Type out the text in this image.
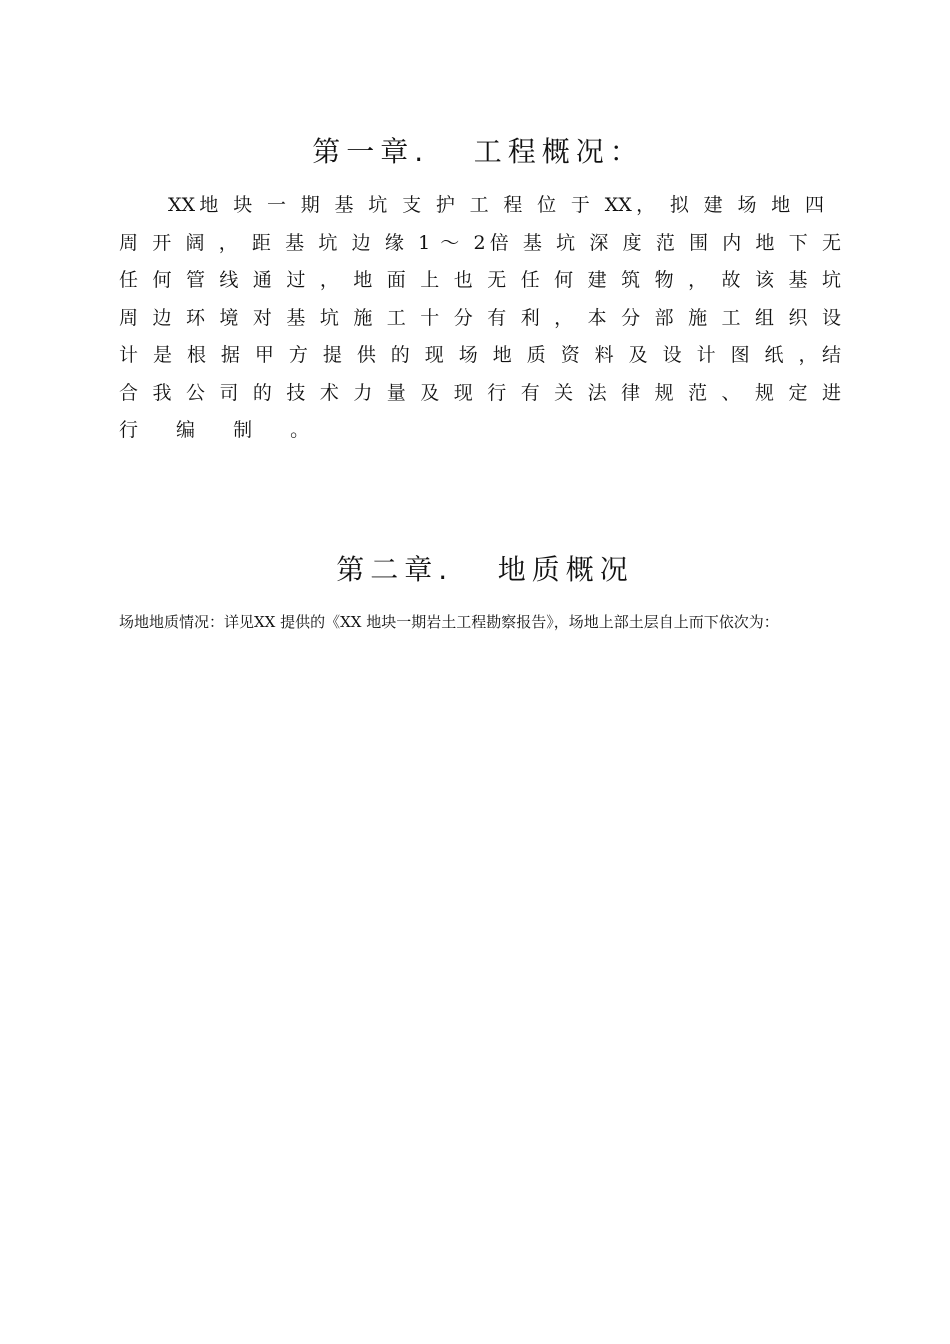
第一章.   工程概况：
XX地 块 一 期 基 坑 支 护 工 程 位 于 XX， 拟 建 场 地 四
周 开 阔 ， 距 基 坑 边 缘 1 ～ 2倍 基 坑 深 度 范 围 内 地 下 无
任 何 管 线 通 过 ， 地 面 上 也 无 任 何 建 筑 物 ， 故 该 基 坑
周 边 环 境 对 基 坑 施 工 十 分 有 利 ， 本 分 部 施 工 组 织 设
计 是 根 据 甲 方 提 供 的 现 场 地 质 资 料 及 设 计 图 纸 ，结
合 我 公 司 的 技 术 力 量 及 现 行 有 关 法 律 规 范 、 规 定 进
行 编 制 。
第二章.   地质概况

场地地质情况：详见XX 提供的《XX 地块一期岩土工程勘察报告》，场地上部土层自上而下依次为：
